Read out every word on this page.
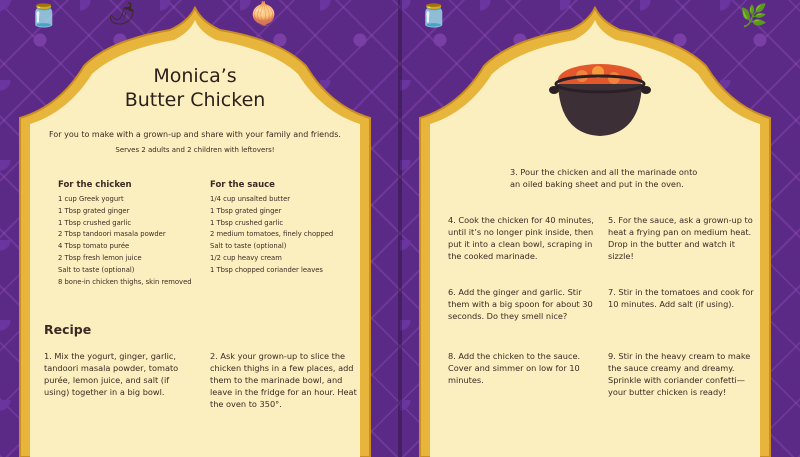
🫙 🌶	🧅	🫙	🌿
Monica’s
Butter Chicken
For you to make with a grown-up and share with your family and friends.
Serves 2 adults and 2 children with leftovers!
For the chicken
1 cup Greek yogurt
1 Tbsp grated ginger
1 Tbsp crushed garlic
2 Tbsp tandoori masala powder
4 Tbsp tomato purée
2 Tbsp fresh lemon juice
Salt to taste (optional)
8 bone-in chicken thighs, skin removed
For the sauce
1/4 cup unsalted butter
1 Tbsp grated ginger
1 Tbsp crushed garlic
2 medium tomatoes, finely chopped
Salt to taste (optional)
1/2 cup heavy cream
1 Tbsp chopped coriander leaves
Recipe
1. Mix the yogurt, ginger, garlic, tandoori masala powder, tomato purée, lemon juice, and salt (if using) together in a big bowl.
2. Ask your grown-up to slice the chicken thighs in a few places, add them to the marinade bowl, and leave in the fridge for an hour. Heat the oven to 350°.
3. Pour the chicken and all the marinade onto an oiled baking sheet and put in the oven.
4. Cook the chicken for 40 minutes, until it’s no longer pink inside, then put it into a clean bowl, scraping in the cooked marinade.
5. For the sauce, ask a grown-up to heat a frying pan on medium heat. Drop in the butter and watch it sizzle!
6. Add the ginger and garlic. Stir them with a big spoon for about 30 seconds. Do they smell nice?
7. Stir in the tomatoes and cook for 10 minutes. Add salt (if using).
8. Add the chicken to the sauce. Cover and simmer on low for 10 minutes.
9. Stir in the heavy cream to make the sauce creamy and dreamy. Sprinkle with coriander confetti—your butter chicken is ready!
